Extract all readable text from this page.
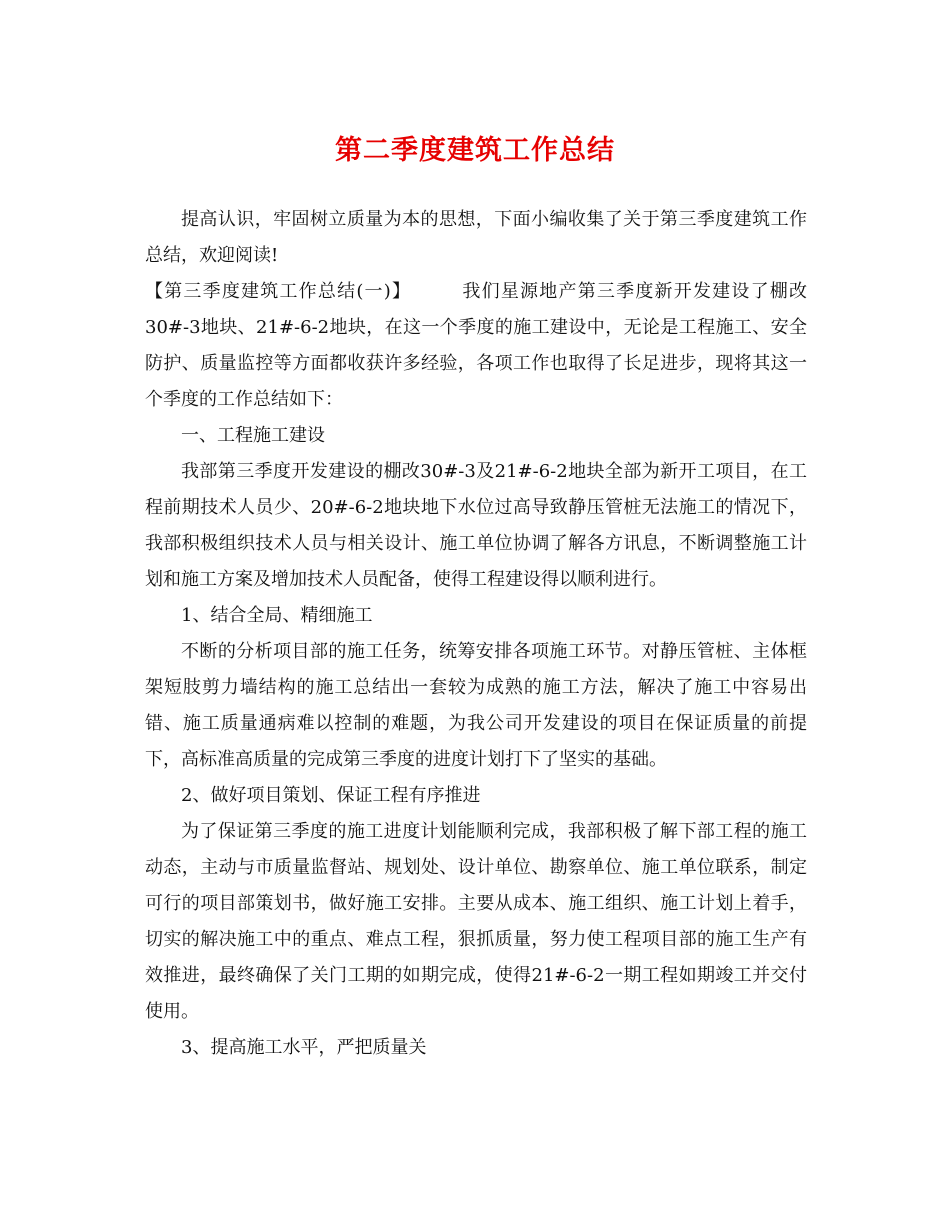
第二季度建筑工作总结

提高认识，牢固树立质量为本的思想，下面小编收集了关于第三季度建筑工作总结，欢迎阅读!

【第三季度建筑工作总结(一)】	我们星源地产第三季度新开发建设了棚改30#-3地块、21#-6-2地块，在这一个季度的施工建设中，无论是工程施工、安全防护、质量监控等方面都收获许多经验，各项工作也取得了长足进步，现将其这一个季度的工作总结如下：

一、工程施工建设

我部第三季度开发建设的棚改30#-3及21#-6-2地块全部为新开工项目，在工程前期技术人员少、20#-6-2地块地下水位过高导致静压管桩无法施工的情况下，我部积极组织技术人员与相关设计、施工单位协调了解各方讯息，不断调整施工计划和施工方案及增加技术人员配备，使得工程建设得以顺利进行。

1、结合全局、精细施工

不断的分析项目部的施工任务，统筹安排各项施工环节。对静压管桩、主体框架短肢剪力墙结构的施工总结出一套较为成熟的施工方法，解决了施工中容易出错、施工质量通病难以控制的难题，为我公司开发建设的项目在保证质量的前提下，高标准高质量的完成第三季度的进度计划打下了坚实的基础。

2、做好项目策划、保证工程有序推进

为了保证第三季度的施工进度计划能顺利完成，我部积极了解下部工程的施工动态，主动与市质量监督站、规划处、设计单位、勘察单位、施工单位联系，制定可行的项目部策划书，做好施工安排。主要从成本、施工组织、施工计划上着手，切实的解决施工中的重点、难点工程，狠抓质量，努力使工程项目部的施工生产有效推进，最终确保了关门工期的如期完成，使得21#-6-2一期工程如期竣工并交付使用。

3、提高施工水平，严把质量关
